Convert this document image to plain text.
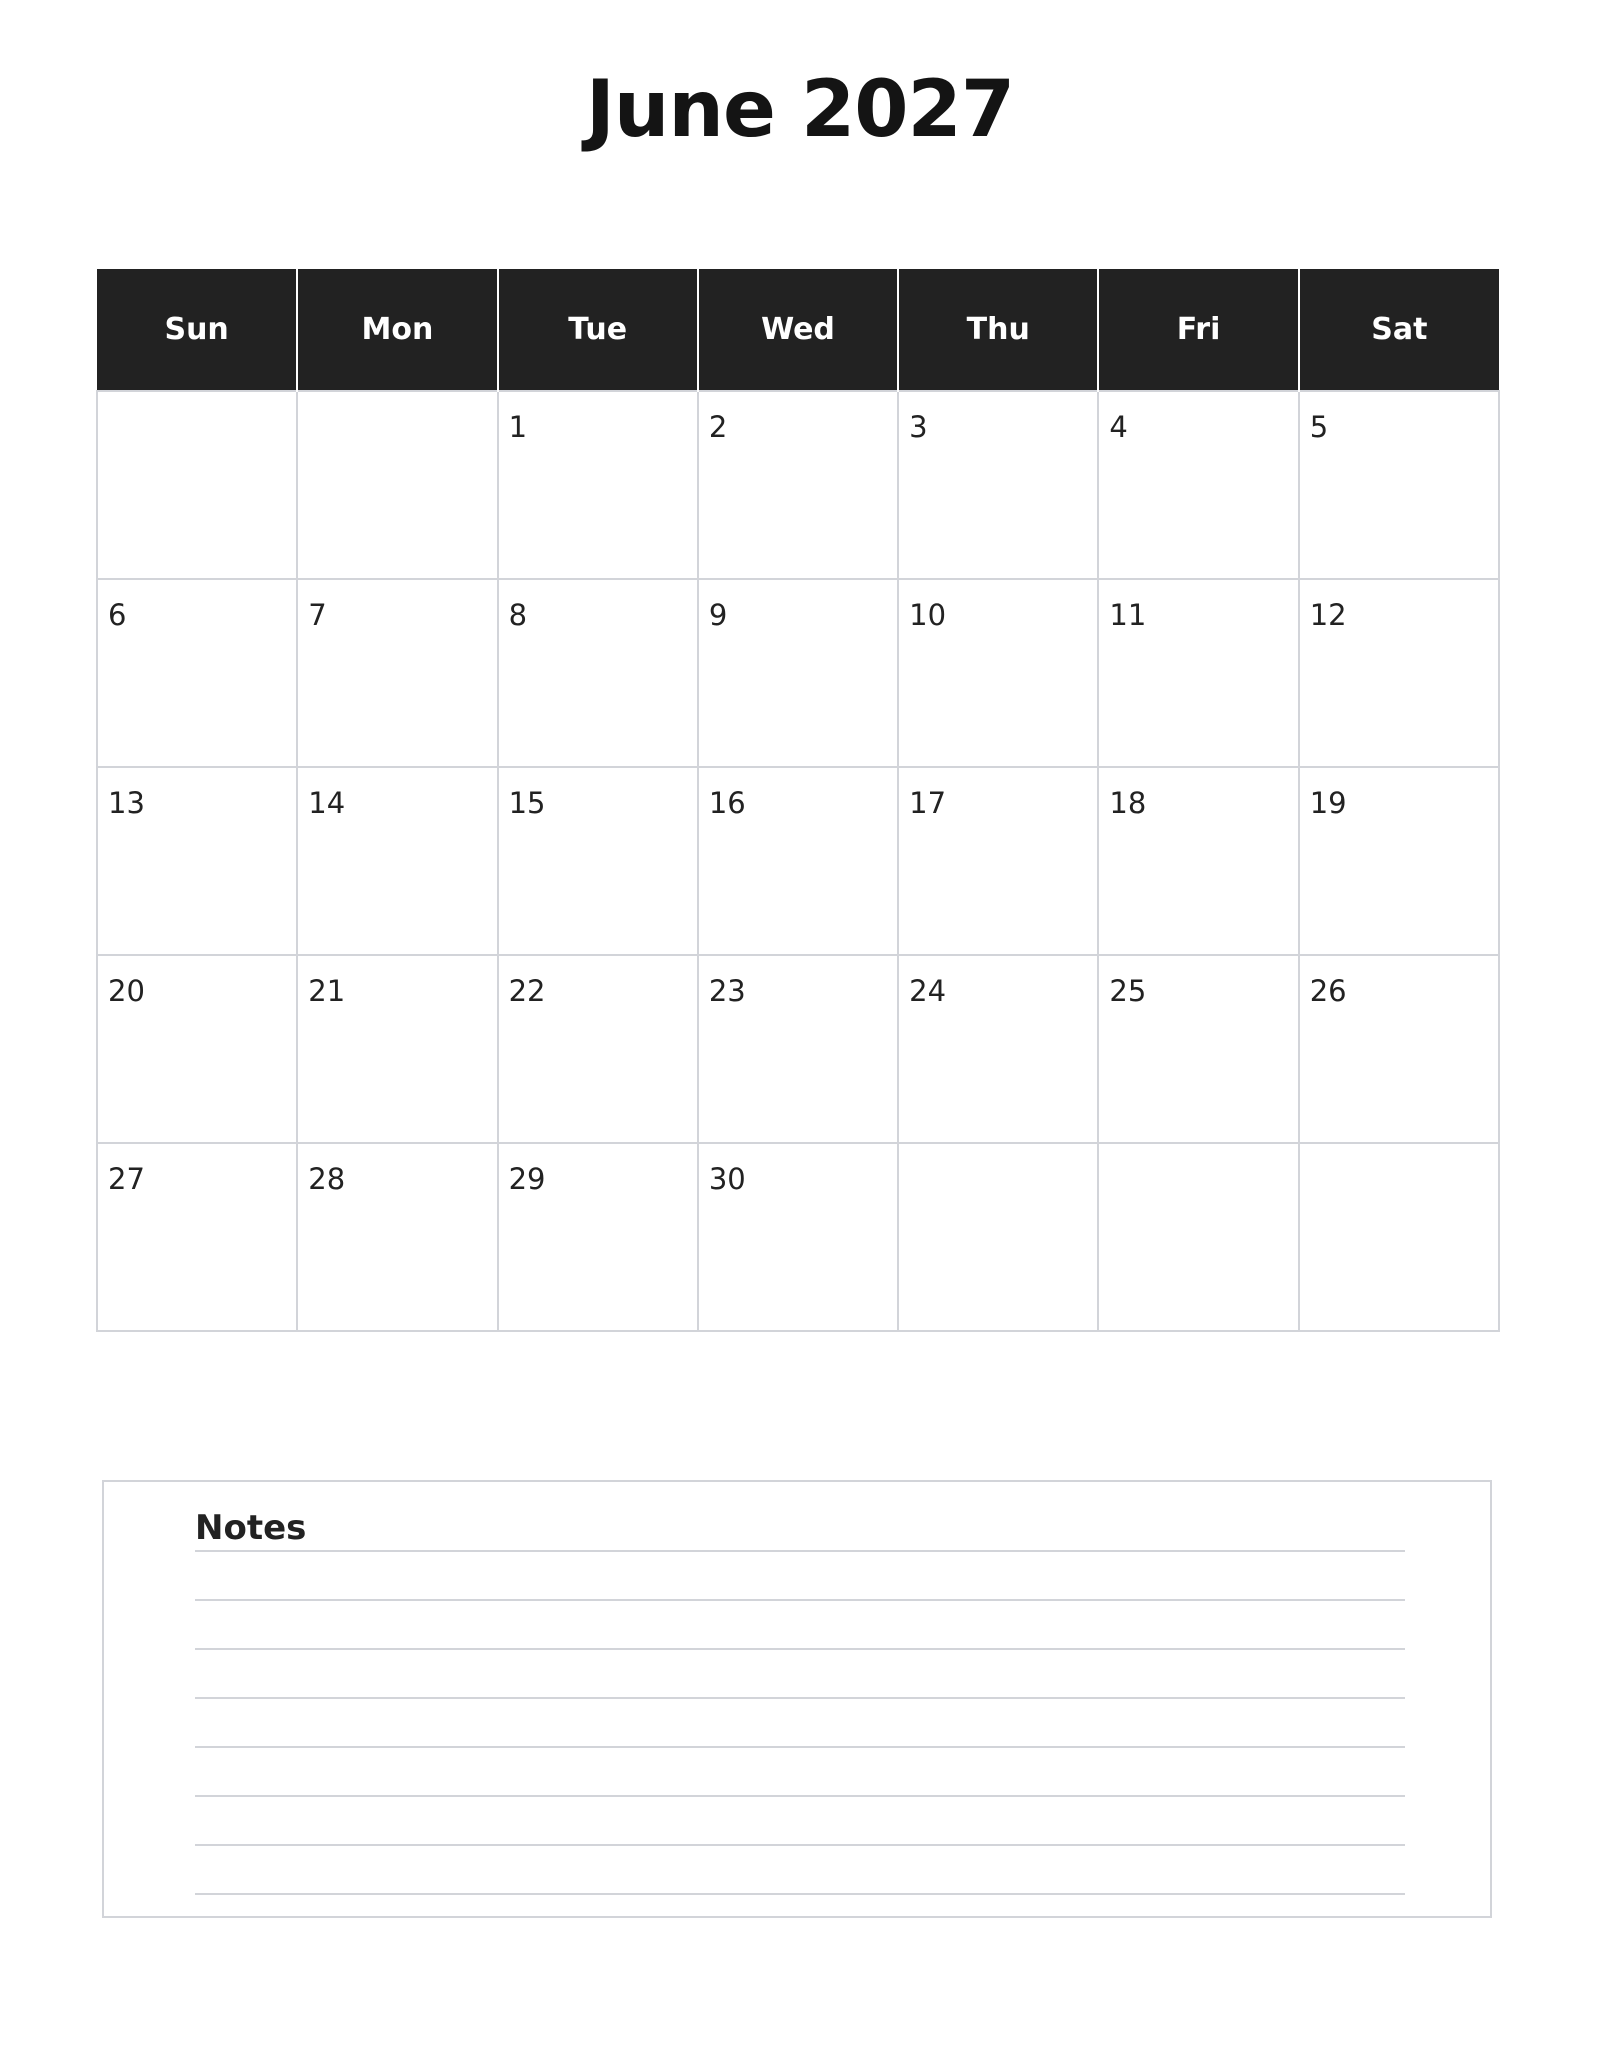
June 2027
Sun	Mon	Tue	Wed	Thu	Fri	Sat

		1	2	3	4	5

6	7	8	9	10	11	12

13	14	15	16	17	18	19

20	21	22	23	24	25	26

27	28	29	30			

Notes
